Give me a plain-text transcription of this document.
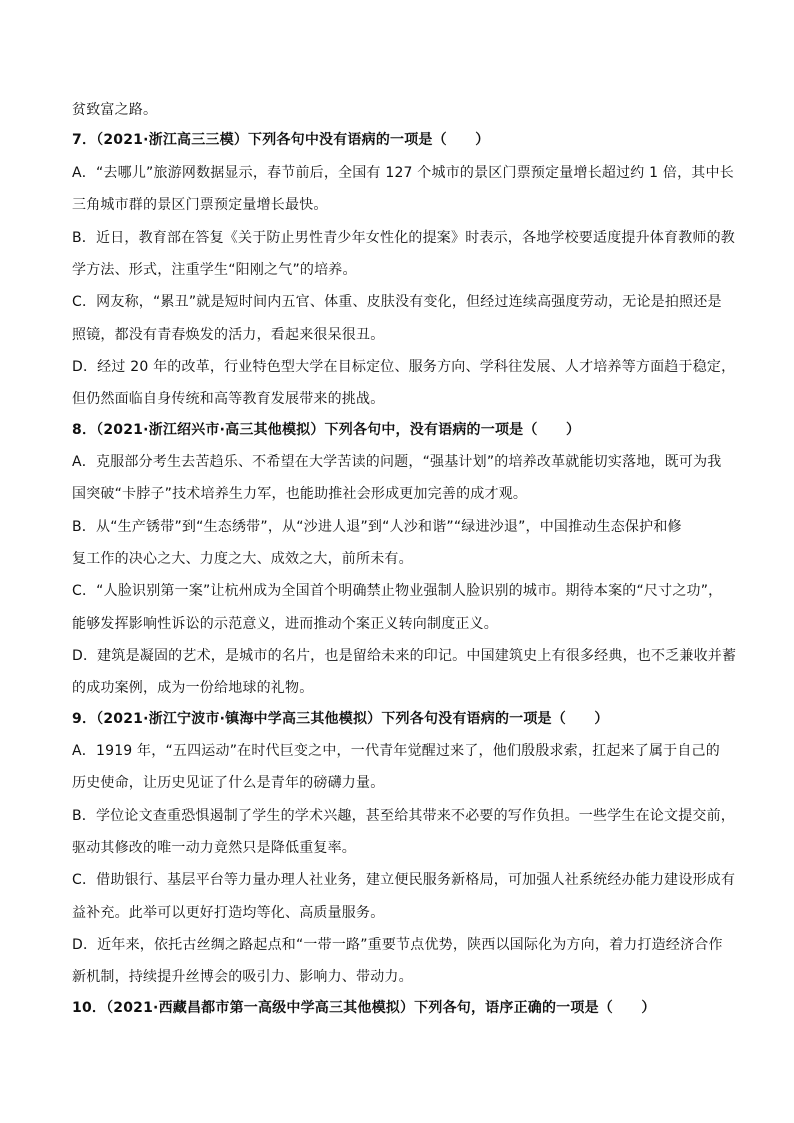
贫致富之路。
7．（2021·浙江高三三模）下列各句中没有语病的一项是（　　）
A．“去哪儿”旅游网数据显示，春节前后，全国有 127 个城市的景区门票预定量增长超过约 1 倍，其中长
三角城市群的景区门票预定量增长最快。
B．近日，教育部在答复《关于防止男性青少年女性化的提案》时表示，各地学校要适度提升体育教师的教
学方法、形式，注重学生“阳刚之气”的培养。
C．网友称，“累丑”就是短时间内五官、体重、皮肤没有变化，但经过连续高强度劳动，无论是拍照还是
照镜，都没有青春焕发的活力，看起来很呆很丑。
D．经过 20 年的改革，行业特色型大学在目标定位、服务方向、学科往发展、人才培养等方面趋于稳定，
但仍然面临自身传统和高等教育发展带来的挑战。
8．（2021·浙江绍兴市·高三其他模拟）下列各句中，没有语病的一项是（　　）
A．克服部分考生去苦趋乐、不希望在大学苦读的问题，“强基计划”的培养改革就能切实落地，既可为我
国突破“卡脖子”技术培养生力军，也能助推社会形成更加完善的成才观。
B．从“生产锈带”到“生态绣带”，从“沙进人退”到“人沙和谐”“绿进沙退”，中国推动生态保护和修
复工作的决心之大、力度之大、成效之大，前所未有。
C．“人脸识别第一案”让杭州成为全国首个明确禁止物业强制人脸识别的城市。期待本案的“尺寸之功”，
能够发挥影响性诉讼的示范意义，进而推动个案正义转向制度正义。
D．建筑是凝固的艺术，是城市的名片，也是留给未来的印记。中国建筑史上有很多经典，也不乏兼收并蓄
的成功案例，成为一份给地球的礼物。
9．（2021·浙江宁波市·镇海中学高三其他模拟）下列各句没有语病的一项是（　　）
A．1919 年，“五四运动”在时代巨变之中，一代青年觉醒过来了，他们殷殷求索，扛起来了属于自己的
历史使命，让历史见证了什么是青年的磅礴力量。
B．学位论文查重恐惧遏制了学生的学术兴趣，甚至给其带来不必要的写作负担。一些学生在论文提交前，
驱动其修改的唯一动力竟然只是降低重复率。
C．借助银行、基层平台等力量办理人社业务，建立便民服务新格局，可加强人社系统经办能力建设形成有
益补充。此举可以更好打造均等化、高质量服务。
D．近年来，依托古丝绸之路起点和“一带一路”重要节点优势，陕西以国际化为方向，着力打造经济合作
新机制，持续提升丝博会的吸引力、影响力、带动力。
10．（2021·西藏昌都市第一高级中学高三其他模拟）下列各句，语序正确的一项是（　　）
